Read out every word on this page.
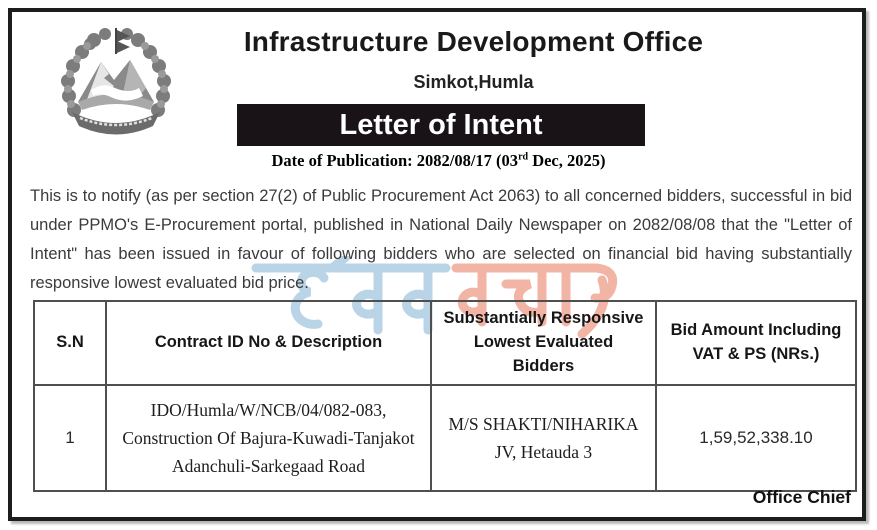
Infrastructure Development Office
Simkot,Humla
Letter of Intent
Date of Publication: 2082/08/17 (03rd Dec, 2025)
This is to notify (as per section 27(2) of Public Procurement Act 2063) to all concerned bidders, successful in bid under PPMO's E-Procurement portal, published in National Daily Newspaper on 2082/08/08 that the "Letter of Intent" has been issued in favour of following bidders who are selected on financial bid having substantially responsive lowest evaluated bid price.
S.N	Contract ID No & Description	Substantially Responsive Lowest Evaluated Bidders	Bid Amount Including VAT & PS (NRs.)
1	IDO/Humla/W/NCB/04/082-083, Construction Of Bajura-Kuwadi-Tanjakot Adanchuli-Sarkegaad Road	M/S SHAKTI/NIHARIKA JV, Hetauda 3	1,59,52,338.10
Office Chief
